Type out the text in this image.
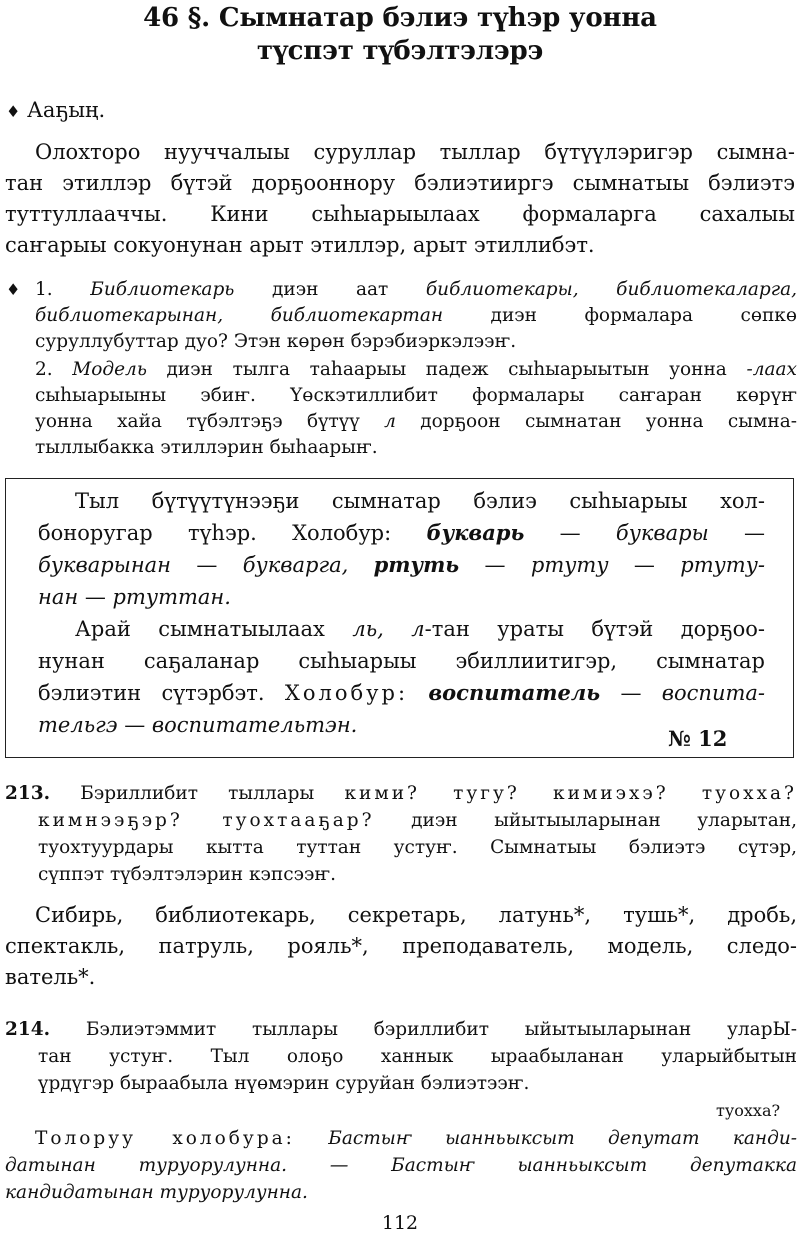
46 §. Сымнатар бэлиэ түһэр уонна
түспэт түбэлтэлэрэ
♦ Ааҕың.
Олохторо нууччалыы суруллар тыллар бүтүүлэригэр сымна-
тан этиллэр бүтэй дорҕооннору бэлиэтииргэ сымнатыы бэлиэтэ
туттуллааччы. Кини сыһыарыылаах формаларга сахалыы
саҥарыы сокуонунан арыт этиллэр, арыт этиллибэт.
♦ 1. Библиотекарь диэн аат библиотекары, библиотекаларга,
библиотекарынан, библиотекартан диэн формалара сөпкө
суруллубуттар дуо? Этэн көрөн бэрэбиэркэлээҥ.
2. Модель диэн тылга таһаарыы падеж сыһыарыытын уонна -лаах
сыһыарыыны эбиҥ. Үөскэтиллибит формалары саҥаран көрүҥ
уонна хайа түбэлтэҕэ бүтүү л дорҕоон сымнатан уонна сымна-
тыллыбакка этиллэрин быһаарыҥ.
Тыл бүтүүтүнээҕи сымнатар бэлиэ сыһыарыы хол-
боноругар түһэр. Холобур: букварь — буквары —
букварынан — букварга, ртуть — ртуту — ртуту-
нан — ртуттан.
Арай сымнатыылаах ль, л-тан ураты бүтэй дорҕоо-
нунан саҕаланар сыһыарыы эбиллиитигэр, сымнатар
бэлиэтин сүтэрбэт. Холобур: воспитатель — воспита-
тельгэ — воспитательтэн.
№ 12
213. Бэриллибит тыллары кими? тугу? кимиэхэ? туохха?
кимнээҕэр? туохтааҕар? диэн ыйытыыларынан уларытан,
туохтуурдары кытта туттан устуҥ. Сымнатыы бэлиэтэ сүтэр,
сүппэт түбэлтэлэрин кэпсээҥ.
Сибирь, библиотекарь, секретарь, латунь*, тушь*, дробь,
спектакль, патруль, рояль*, преподаватель, модель, следо-
ватель*.
214. Бэлиэтэммит тыллары бэриллибит ыйытыыларынан уларЫ-
тан устуҥ. Тыл олоҕо ханнык ыраабыланан уларыйбытын
үрдүгэр быраабыла нүөмэрин суруйан бэлиэтээҥ.
туохха?
Толоруу холобура: Бастыҥ ыанньыксыт депутат канди-
датынан туруорулунна. — Бастыҥ ыанньыксыт депутакка
кандидатынан туруорулунна.
112
